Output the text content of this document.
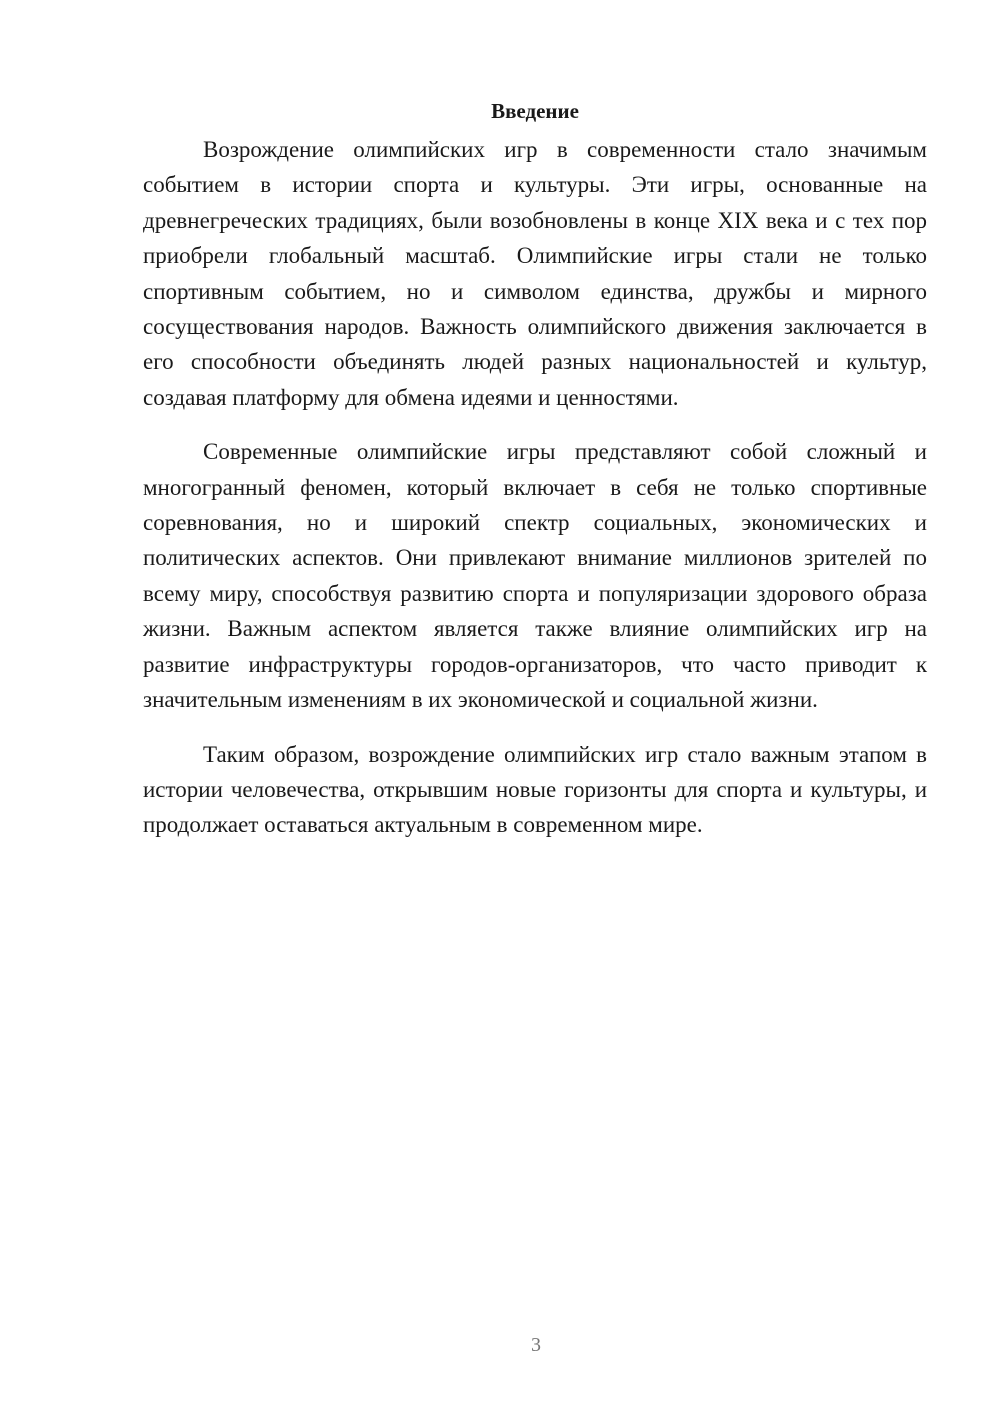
Введение

Возрождение олимпийских игр в современности стало значимым событием в истории спорта и культуры. Эти игры, основанные на древнегреческих традициях, были возобновлены в конце XIX века и с тех пор приобрели глобальный масштаб. Олимпийские игры стали не только спортивным событием, но и символом единства, дружбы и мирного сосуществования народов. Важность олимпийского движения заключается в его способности объединять людей разных национальностей и культур, создавая платформу для обмена идеями и ценностями.

Современные олимпийские игры представляют собой сложный и многогранный феномен, который включает в себя не только спортивные соревнования, но и широкий спектр социальных, экономических и политических аспектов. Они привлекают внимание миллионов зрителей по всему миру, способствуя развитию спорта и популяризации здорового образа жизни. Важным аспектом является также влияние олимпийских игр на развитие инфраструктуры городов-организаторов, что часто приводит к значительным изменениям в их экономической и социальной жизни.

Таким образом, возрождение олимпийских игр стало важным этапом в истории человечества, открывшим новые горизонты для спорта и культуры, и продолжает оставаться актуальным в современном мире.

3
